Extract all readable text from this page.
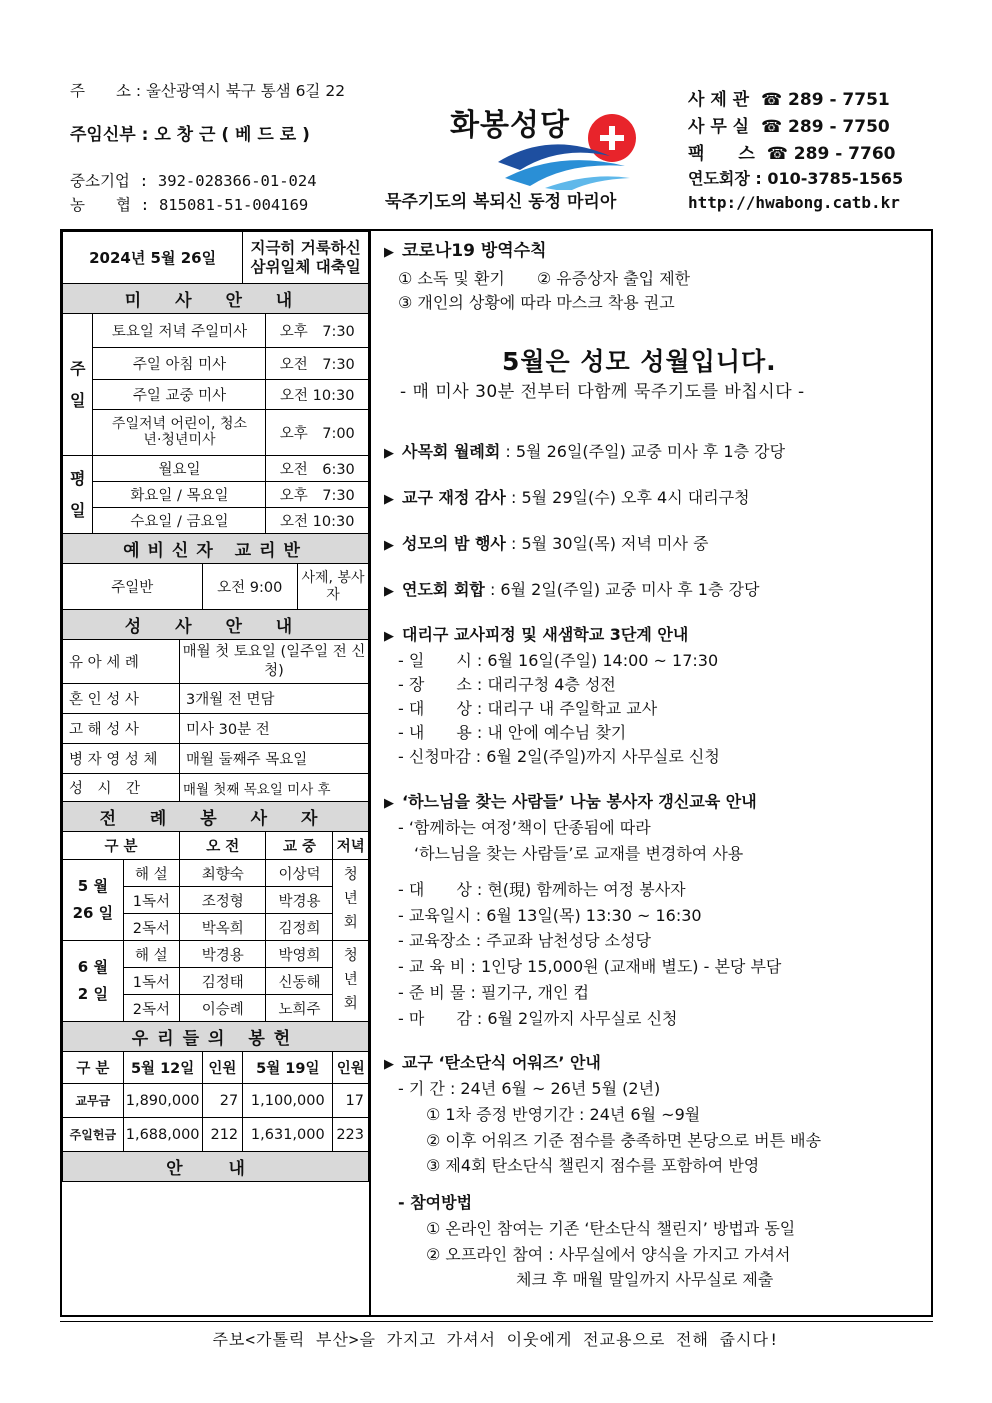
주　　소 : 울산광역시 북구 통샘 6길 22
주임신부 : 오 창 근 ( 베 드 로 )
중소기업 : 392-028366-01-024
농　　협 : 815081-51-004169
화봉성당
묵주기도의 복되신 동정 마리아
사 제 관 ☎ 289 - 7751
사 무 실 ☎ 289 - 7750
팩　　스 ☎ 289 - 7760
연도회장 : 010-3785-1565
http://hwabong.catb.kr
2024년 5월 26일					지극히 거룩하신 삼위일체 대축일			
미 사 안 내								
주일	토요일 저녁 주일미사					오후　7:30		
	주일 아침 미사					오전　7:30		
	주일 교중 미사					오전 10:30		
	주일저녁 어린이, 청소년·청년미사					오후　7:00		
평일	월요일					오전　6:30		
	화요일 / 목요일					오후　7:30		
	수요일 / 금요일					오전 10:30		
예비신자 교리반								
주일반				오전 9:00			사제, 봉사자	
성 사 안 내								
유 아 세 례			매월 첫 토요일 (일주일 전 신청)					
혼 인 성 사			3개월 전 면담					
고 해 성 사			미사 30분 전					
병 자 영 성 체			매월 둘째주 목요일					
성　시　간			매월 첫째 목요일 미사 후					
전 례 봉 사 자								
구 분			오 전			교 중		저녁
5 월 26 일		해 설	최향숙			이상덕		청년회
		1독서	조정형			박경용		
		2독서	박옥희			김정희		
6 월 2 일		해 설	박경용			박영희		청년회
		1독서	김정태			신동해		
		2독서	이승례			노희주		
우리들의 봉헌								
구 분		5월 12일		인원	5월 19일			인원
교무금		1,890,000		27	1,100,000			17
주일헌금		1,688,000		212	1,631,000			223
안 내								
▶ 코로나19 방역수칙
① 소독 및 환기　　② 유증상자 출입 제한
③ 개인의 상황에 따라 마스크 착용 권고
5월은 성모 성월입니다.
- 매 미사 30분 전부터 다함께 묵주기도를 바칩시다 -
▶ 사목회 월례회 : 5월 26일(주일) 교중 미사 후 1층 강당
▶ 교구 재정 감사 : 5월 29일(수) 오후 4시 대리구청
▶ 성모의 밤 행사 : 5월 30일(목) 저녁 미사 중
▶ 연도회 회합 : 6월 2일(주일) 교중 미사 후 1층 강당
▶ 대리구 교사피정 및 새샘학교 3단계 안내
- 일　　시 : 6월 16일(주일) 14:00 ~ 17:30
- 장　　소 : 대리구청 4층 성전
- 대　　상 : 대리구 내 주일학교 교사
- 내　　용 : 내 안에 예수님 찾기
- 신청마감 : 6월 2일(주일)까지 사무실로 신청
▶ ‘하느님을 찾는 사람들’ 나눔 봉사자 갱신교육 안내
- ‘함께하는 여정’책이 단종됨에 따라
　‘하느님을 찾는 사람들’로 교재를 변경하여 사용
- 대　　상 : 현(現) 함께하는 여정 봉사자
- 교육일시 : 6월 13일(목) 13:30 ~ 16:30
- 교육장소 : 주교좌 남천성당 소성당
- 교 육 비 : 1인당 15,000원 (교재배 별도) - 본당 부담
- 준 비 물 : 필기구, 개인 컵
- 마　　감 : 6월 2일까지 사무실로 신청
▶ 교구 ‘탄소단식 어워즈’ 안내
- 기 간 : 24년 6월 ~ 26년 5월 (2년)
① 1차 증정 반영기간 : 24년 6월 ~9월
② 이후 어워즈 기준 점수를 충족하면 본당으로 버튼 배송
③ 제4회 탄소단식 챌린지 점수를 포함하여 반영
- 참여방법
① 온라인 참여는 기존 ‘탄소단식 챌린지’ 방법과 동일
② 오프라인 참여 : 사무실에서 양식을 가지고 가셔서
체크 후 매월 말일까지 사무실로 제출
주보<가톨릭 부산>을 가지고 가셔서 이웃에게 전교용으로 전해 줍시다!
